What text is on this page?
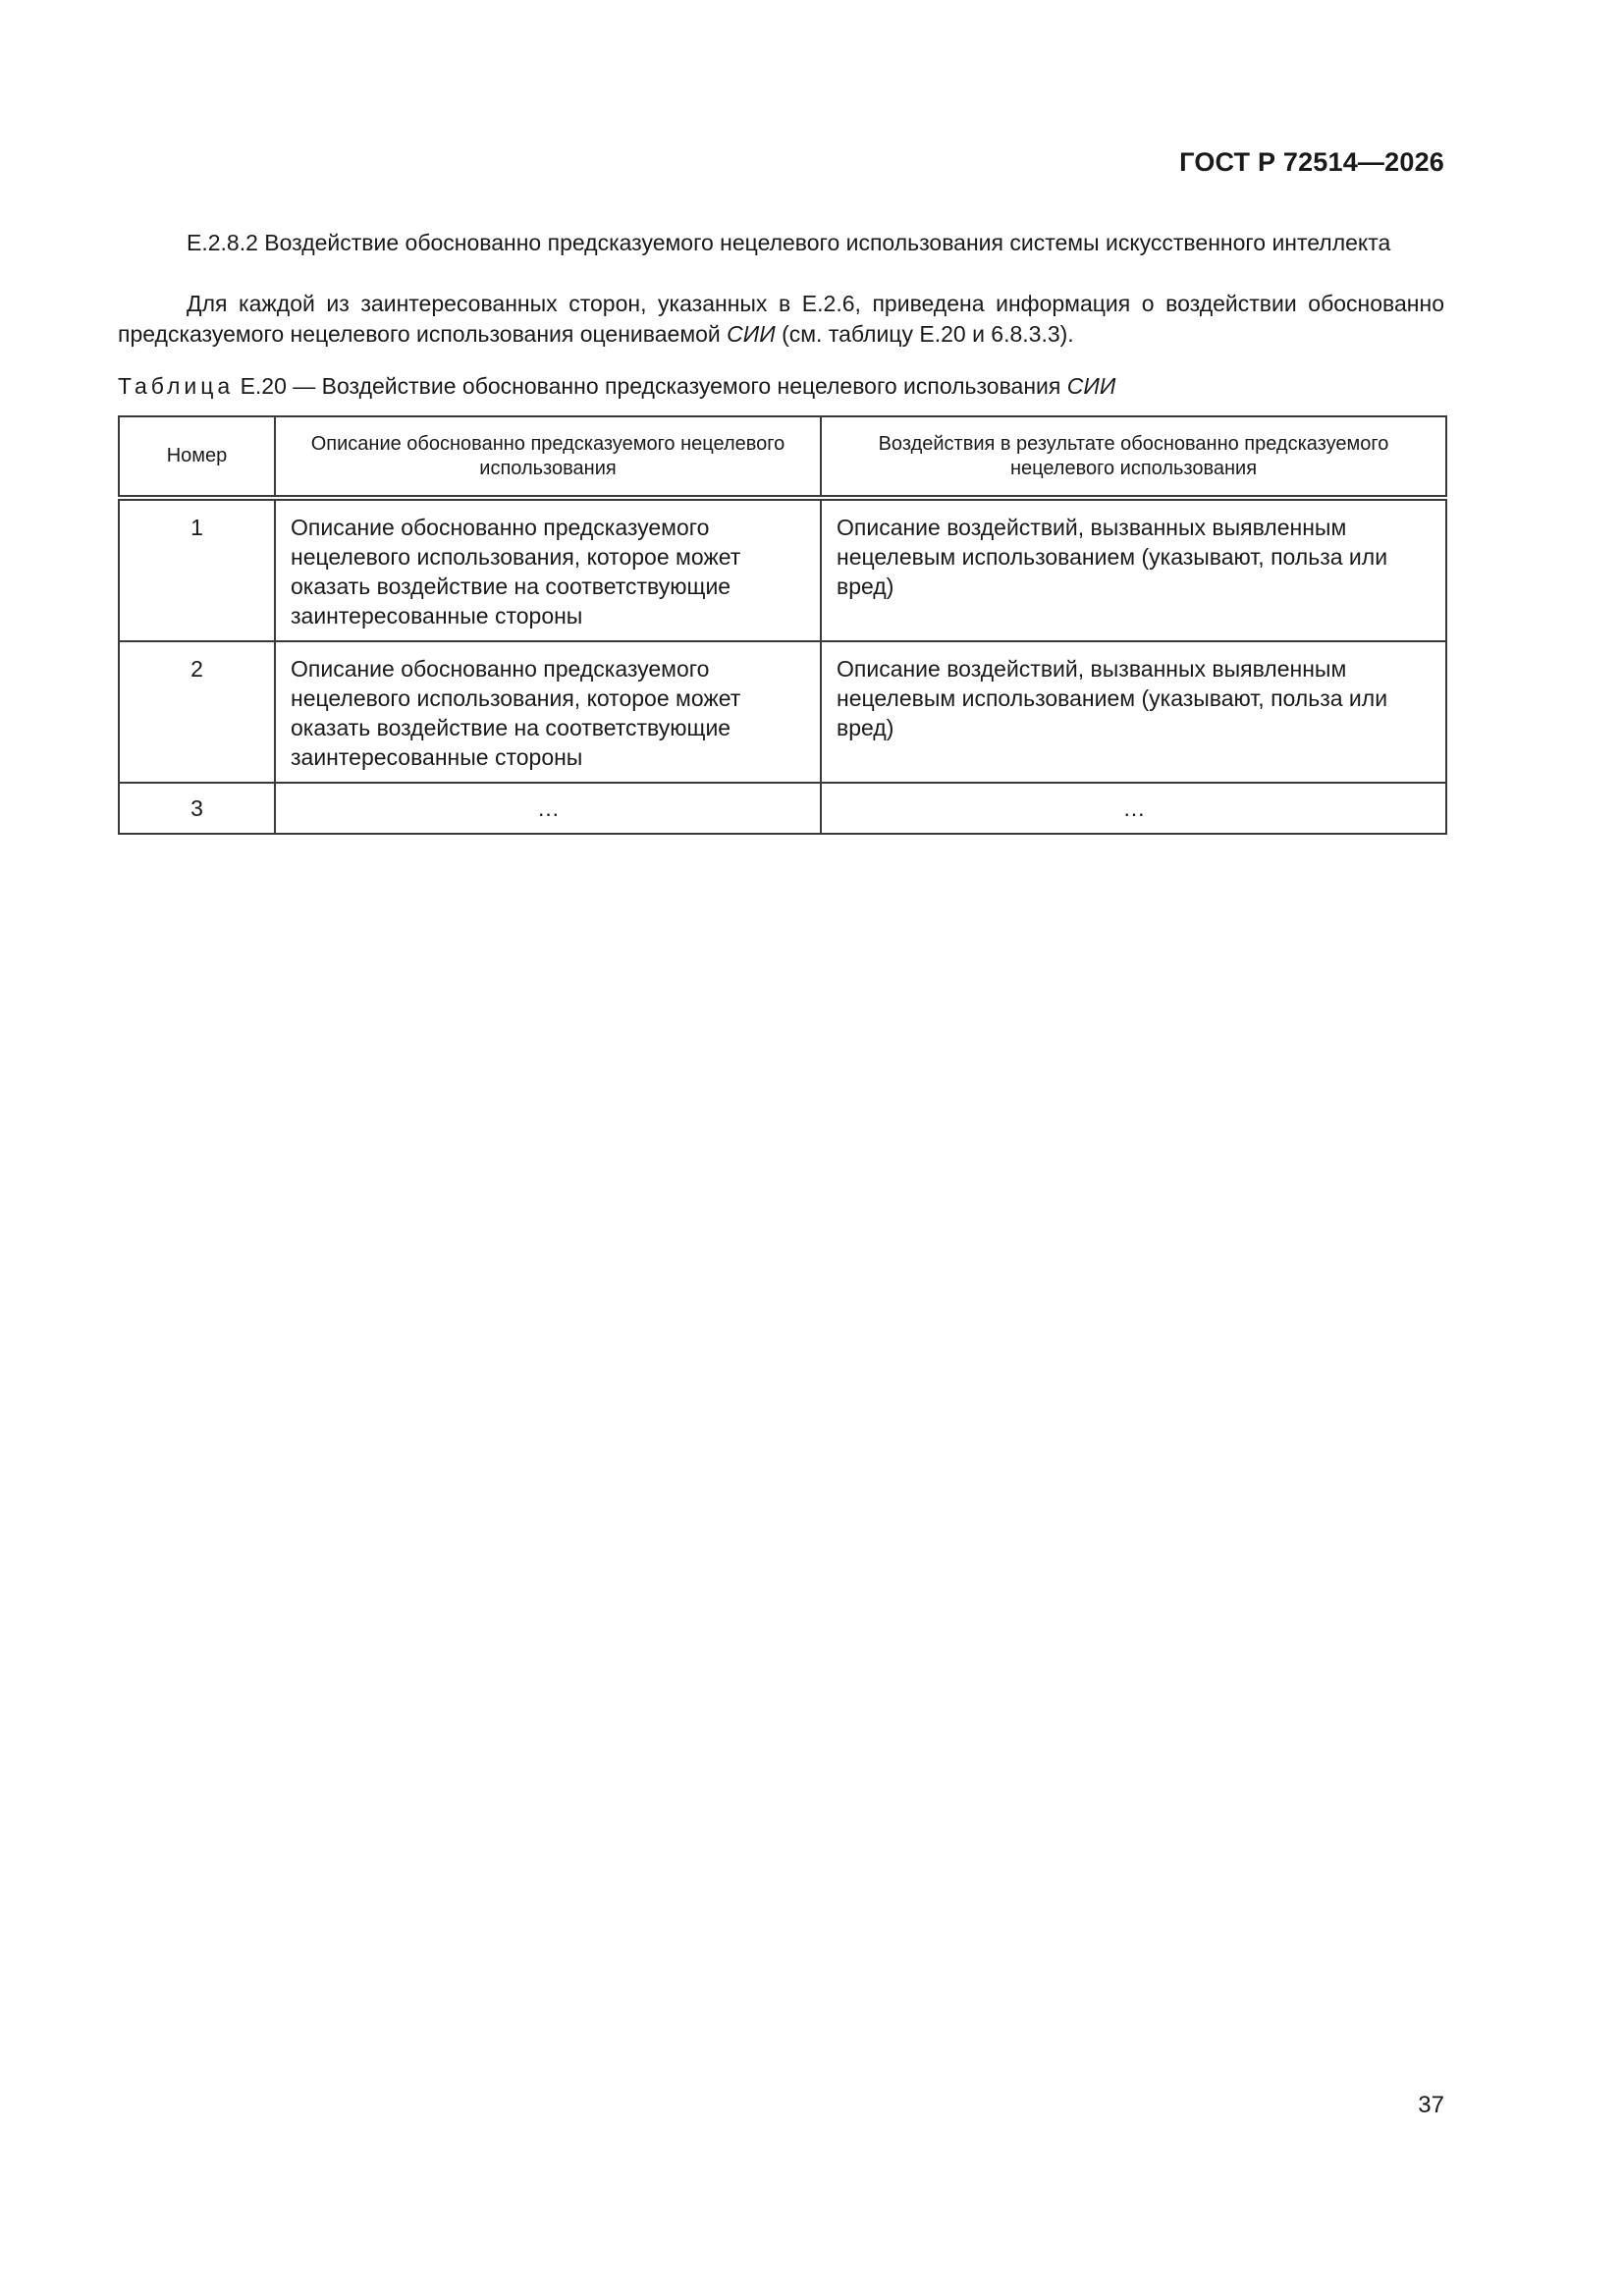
ГОСТ Р 72514—2026

Е.2.8.2 Воздействие обоснованно предсказуемого нецелевого использования системы искусственного интеллекта

Для каждой из заинтересованных сторон, указанных в Е.2.6, приведена информация о воздействии обоснованно предсказуемого нецелевого использования оцениваемой СИИ (см. таблицу Е.20 и 6.8.3.3).

Таблица Е.20 — Воздействие обоснованно предсказуемого нецелевого использования СИИ
Номер	Описание обоснованно предсказуемого нецелевого использования	Воздействия в результате обоснованно предсказуемого нецелевого использования
1	Описание обоснованно предсказуемого нецелевого использования, которое может оказать воздействие на соответствующие заинтересованные стороны	Описание воздействий, вызванных выявленным нецелевым использованием (указывают, польза или вред)
2	Описание обоснованно предсказуемого нецелевого использования, которое может оказать воздействие на соответствующие заинтересованные стороны	Описание воздействий, вызванных выявленным нецелевым использованием (указывают, польза или вред)
3	…	…
37
